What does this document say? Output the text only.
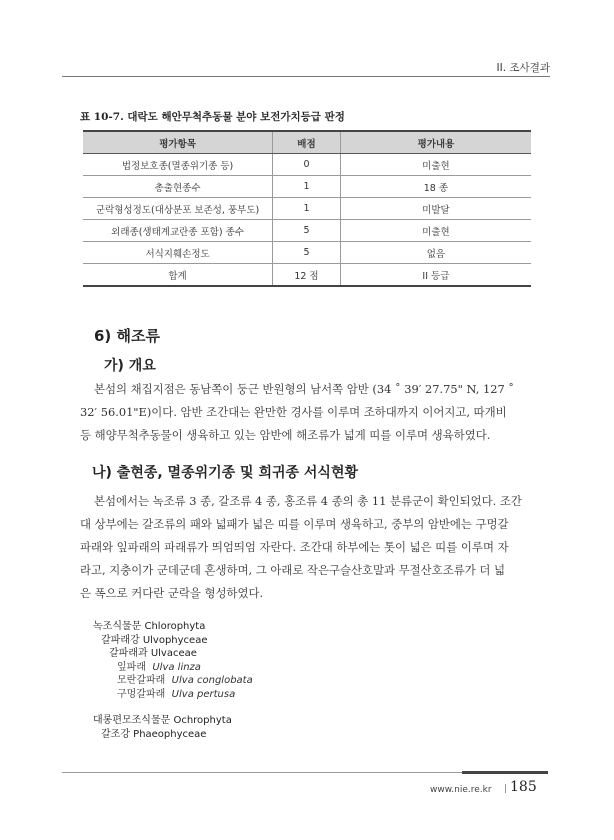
II. 조사결과
표 10-7. 대락도 해안무척추동물 분야 보전가치등급 판정
평가항목	배점	평가내용
법정보호종(멸종위기종 등)	0	미출현
총출현종수	1	18 종
군락형성정도(대상분포 보존성, 풍부도)	1	미발달
외래종(생태계교란종 포함) 종수	5	미출현
서식지훼손정도	5	없음
합계	12 점	II 등급
6) 해조류
가) 개요

본섬의 채집지점은 동남쪽이 둥근 반원형의 남서쪽 암반 (34 ˚ 39′ 27.75" N, 127 ˚
32′ 56.01"E)이다. 암반 조간대는 완만한 경사를 이루며 조하대까지 이어지고, 따개비
등 해양무척추동물이 생육하고 있는 암반에 해조류가 넓게 띠를 이루며 생육하였다.

나) 출현종, 멸종위기종 및 희귀종 서식현황

본섬에서는 녹조류 3 종, 갈조류 4 종, 홍조류 4 종의 총 11 분류군이 확인되었다. 조간
대 상부에는 갈조류의 패와 넓패가 넓은 띠를 이루며 생육하고, 중부의 암반에는 구멍갈
파래와 잎파래의 파래류가 띄엄띄엄 자란다. 조간대 하부에는 톳이 넓은 띠를 이루며 자
라고, 지충이가 군데군데 혼생하며, 그 아래로 작은구슬산호말과 무절산호조류가 더 넓
은 폭으로 커다란 군락을 형성하였다.

녹조식물문 Chlorophyta
갈파래강 Ulvophyceae
갈파래과 Ulvaceae
잎파래 Ulva linza
모란갈파래 Ulva conglobata
구멍갈파래 Ulva pertusa
대롱편모조식물문 Ochrophyta
갈조강 Phaeophyceae
www.nie.re.kr | 185
